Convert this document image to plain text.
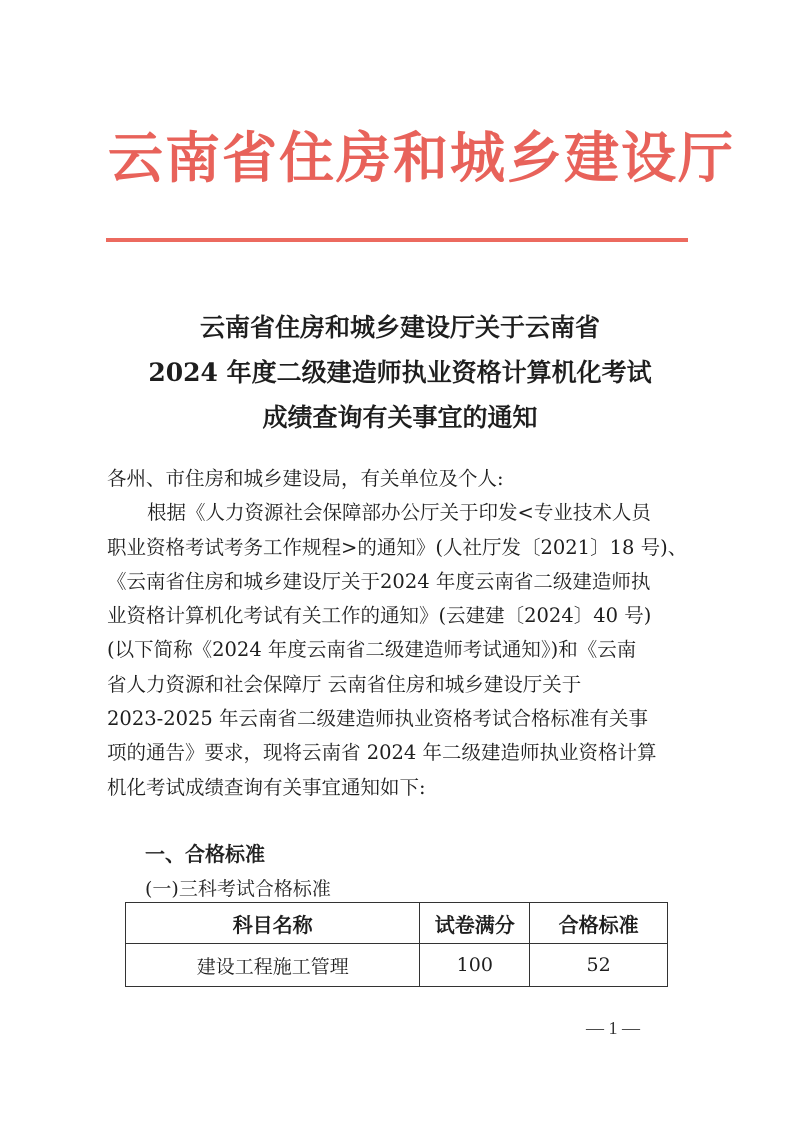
云南省住房和城乡建设厅
云南省住房和城乡建设厅关于云南省
2024 年度二级建造师执业资格计算机化考试
成绩查询有关事宜的通知
各州、市住房和城乡建设局，有关单位及个人:
根据《人力资源社会保障部办公厅关于印发<专业技术人员
职业资格考试考务工作规程>的通知》(人社厅发〔2021〕18 号)、
《云南省住房和城乡建设厅关于2024 年度云南省二级建造师执
业资格计算机化考试有关工作的通知》(云建建〔2024〕40 号)
(以下简称《2024 年度云南省二级建造师考试通知》)和《云南
省人力资源和社会保障厅 云南省住房和城乡建设厅关于
2023-2025 年云南省二级建造师执业资格考试合格标准有关事
项的通告》要求，现将云南省 2024 年二级建造师执业资格计算
机化考试成绩查询有关事宜通知如下:
一、合格标准
(一)三科考试合格标准
科目名称	试卷满分	合格标准
建设工程施工管理	100	52
— 1 —
